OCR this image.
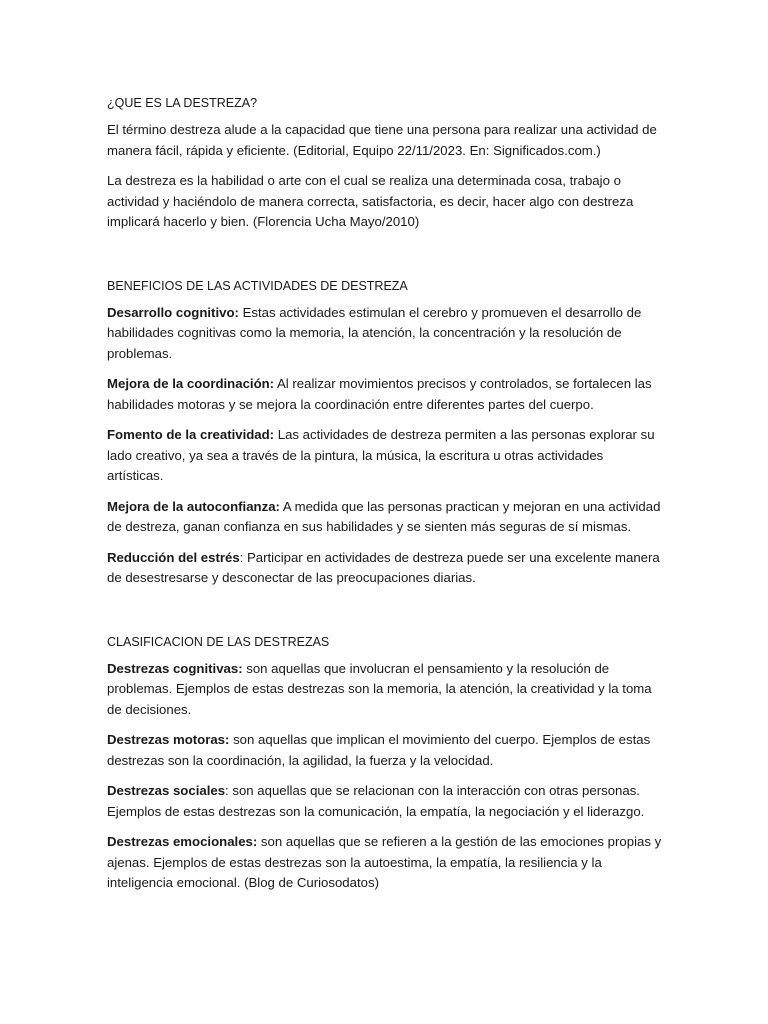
¿QUE ES LA DESTREZA?

El término destreza alude a la capacidad que tiene una persona para realizar una actividad de manera fácil, rápida y eficiente. (Editorial, Equipo 22/11/2023. En: Significados.com.)

La destreza es la habilidad o arte con el cual se realiza una determinada cosa, trabajo o actividad y haciéndolo de manera correcta, satisfactoria, es decir, hacer algo con destreza implicará hacerlo y bien. (Florencia Ucha Mayo/2010)

BENEFICIOS DE LAS ACTIVIDADES DE DESTREZA

Desarrollo cognitivo: Estas actividades estimulan el cerebro y promueven el desarrollo de habilidades cognitivas como la memoria, la atención, la concentración y la resolución de problemas.

Mejora de la coordinación: Al realizar movimientos precisos y controlados, se fortalecen las habilidades motoras y se mejora la coordinación entre diferentes partes del cuerpo.

Fomento de la creatividad: Las actividades de destreza permiten a las personas explorar su lado creativo, ya sea a través de la pintura, la música, la escritura u otras actividades artísticas.

Mejora de la autoconfianza: A medida que las personas practican y mejoran en una actividad de destreza, ganan confianza en sus habilidades y se sienten más seguras de sí mismas.

Reducción del estrés: Participar en actividades de destreza puede ser una excelente manera de desestresarse y desconectar de las preocupaciones diarias.

CLASIFICACION DE LAS DESTREZAS

Destrezas cognitivas: son aquellas que involucran el pensamiento y la resolución de problemas. Ejemplos de estas destrezas son la memoria, la atención, la creatividad y la toma de decisiones.

Destrezas motoras: son aquellas que implican el movimiento del cuerpo. Ejemplos de estas destrezas son la coordinación, la agilidad, la fuerza y la velocidad.

Destrezas sociales: son aquellas que se relacionan con la interacción con otras personas. Ejemplos de estas destrezas son la comunicación, la empatía, la negociación y el liderazgo.

Destrezas emocionales: son aquellas que se refieren a la gestión de las emociones propias y ajenas. Ejemplos de estas destrezas son la autoestima, la empatía, la resiliencia y la inteligencia emocional. (Blog de Curiosodatos)
